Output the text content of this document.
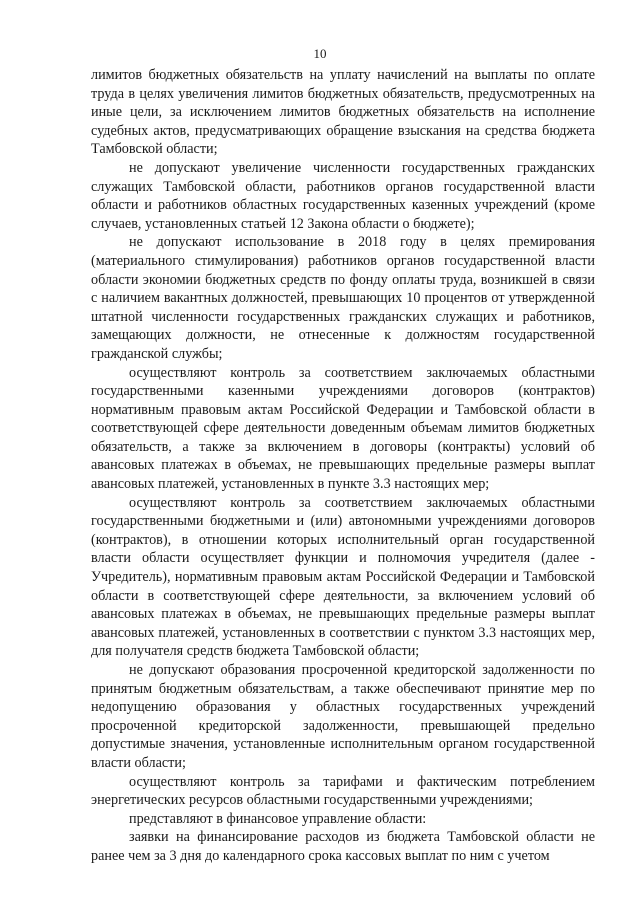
10

лимитов бюджетных обязательств на уплату начислений на выплаты по оплате труда в целях увеличения лимитов бюджетных обязательств, предусмотренных на иные цели, за исключением лимитов бюджетных обязательств на исполнение судебных актов, предусматривающих обращение взыскания на средства бюджета Тамбовской области;

не допускают увеличение численности государственных гражданских служащих Тамбовской области, работников органов государственной власти области и работников областных государственных казенных учреждений (кроме случаев, установленных статьей 12 Закона области о бюджете);

не допускают использование в 2018 году в целях премирования (материального стимулирования) работников органов государственной власти области экономии бюджетных средств по фонду оплаты труда, возникшей в связи с наличием вакантных должностей, превышающих 10 процентов от утвержденной штатной численности государственных гражданских служащих и работников, замещающих должности, не отнесенные к должностям государственной гражданской службы;

осуществляют контроль за соответствием заключаемых областными государственными казенными учреждениями договоров (контрактов) нормативным правовым актам Российской Федерации и Тамбовской области в соответствующей сфере деятельности доведенным объемам лимитов бюджетных обязательств, а также за включением в договоры (контракты) условий об авансовых платежах в объемах, не превышающих предельные размеры выплат авансовых платежей, установленных в пункте 3.3 настоящих мер;

осуществляют контроль за соответствием заключаемых областными государственными бюджетными и (или) автономными учреждениями договоров (контрактов), в отношении которых исполнительный орган государственной власти области осуществляет функции и полномочия учредителя (далее - Учредитель), нормативным правовым актам Российской Федерации и Тамбовской области в соответствующей сфере деятельности, за включением условий об авансовых платежах в объемах, не превышающих предельные размеры выплат авансовых платежей, установленных в соответствии с пунктом 3.3 настоящих мер, для получателя средств бюджета Тамбовской области;

не допускают образования просроченной кредиторской задолженности по принятым бюджетным обязательствам, а также обеспечивают принятие мер по недопущению образования у областных государственных учреждений просроченной кредиторской задолженности, превышающей предельно допустимые значения, установленные исполнительным органом государственной власти области;

осуществляют контроль за тарифами и фактическим потреблением энергетических ресурсов областными государственными учреждениями;

представляют в финансовое управление области:

заявки на финансирование расходов из бюджета Тамбовской области не ранее чем за 3 дня до календарного срока кассовых выплат по ним с учетом
